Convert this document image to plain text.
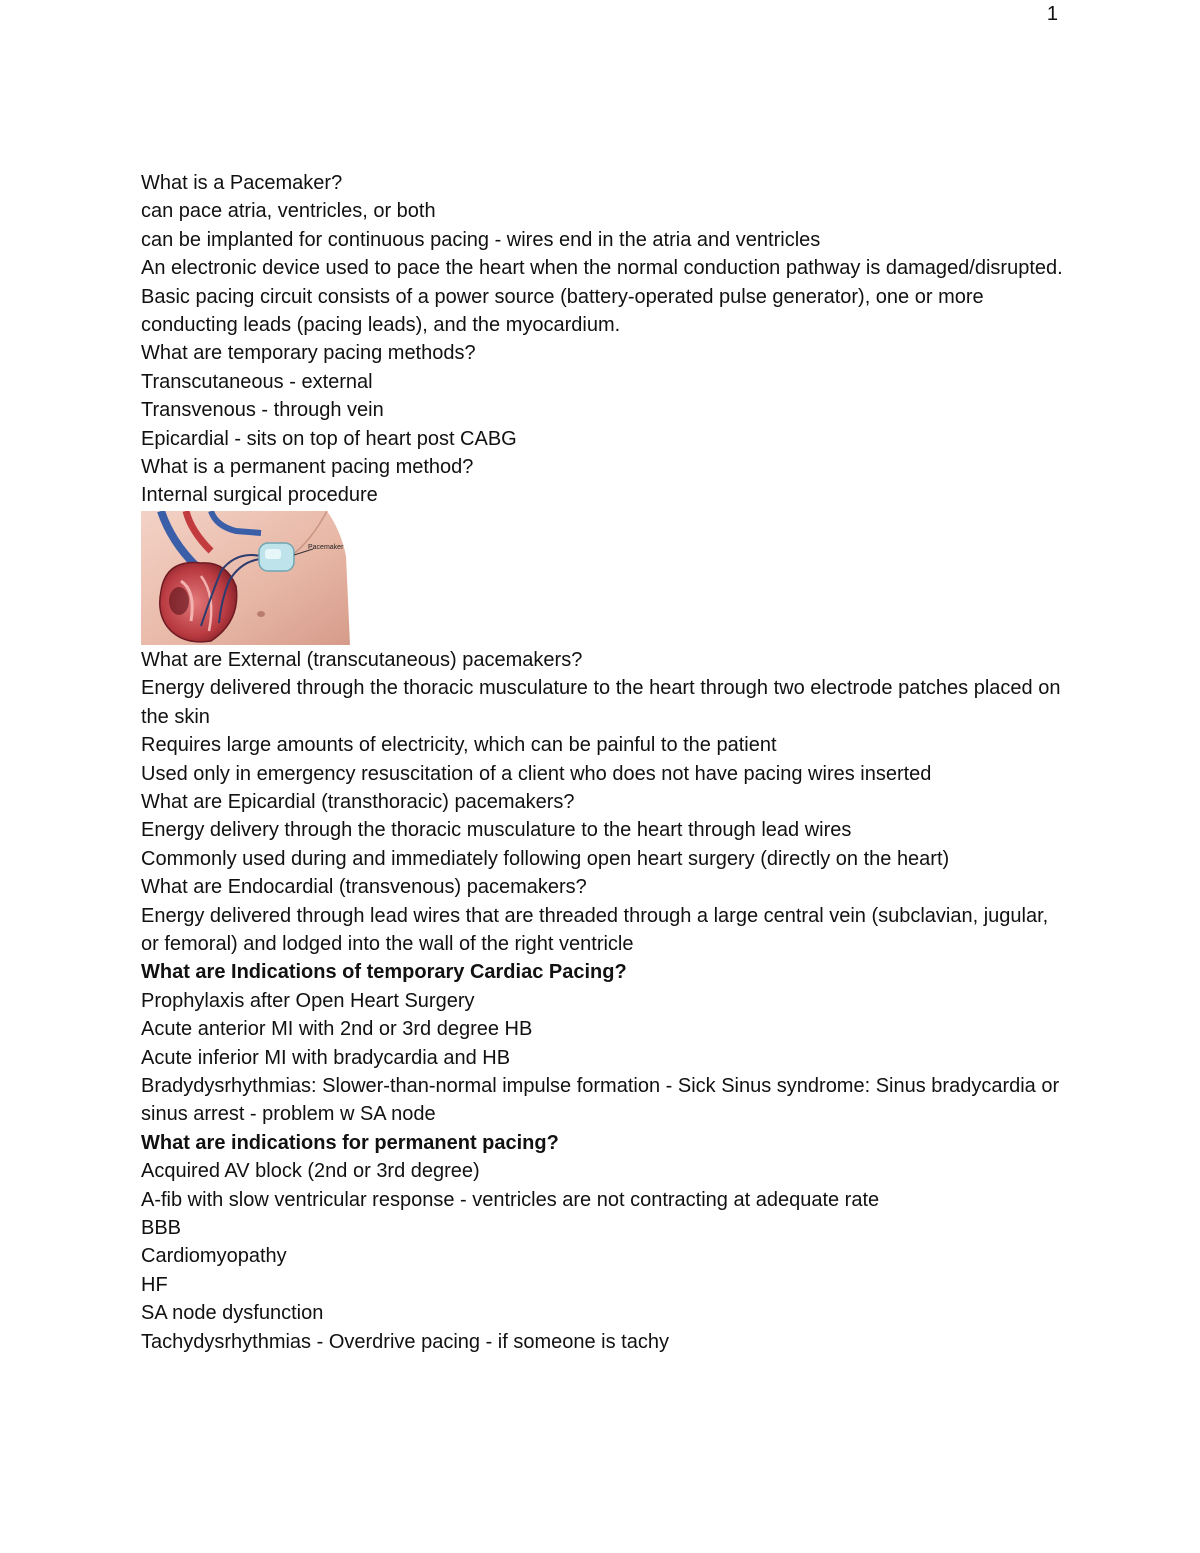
1

What is a Pacemaker?

can pace atria, ventricles, or both

can be implanted for continuous pacing - wires end in the atria and ventricles

An electronic device used to pace the heart when the normal conduction pathway is damaged/disrupted.

Basic pacing circuit consists of a power source (battery-operated pulse generator), one or more conducting leads (pacing leads), and the myocardium.

What are temporary pacing methods?

Transcutaneous - external

Transvenous - through vein

Epicardial - sits on top of heart post CABG

What is a permanent pacing method?

Internal surgical procedure

Pacemaker

What are External (transcutaneous) pacemakers?

Energy delivered through the thoracic musculature to the heart through two electrode patches placed on the skin

Requires large amounts of electricity, which can be painful to the patient

Used only in emergency resuscitation of a client who does not have pacing wires inserted

What are Epicardial (transthoracic) pacemakers?

Energy delivery through the thoracic musculature to the heart through lead wires

Commonly used during and immediately following open heart surgery (directly on the heart)

What are Endocardial (transvenous) pacemakers?

Energy delivered through lead wires that are threaded through a large central vein (subclavian, jugular, or femoral) and lodged into the wall of the right ventricle

What are Indications of temporary Cardiac Pacing?

Prophylaxis after Open Heart Surgery

Acute anterior MI with 2nd or 3rd degree HB

Acute inferior MI with bradycardia and HB

Bradydysrhythmias: Slower-than-normal impulse formation - Sick Sinus syndrome: Sinus bradycardia or sinus arrest - problem w SA node

What are indications for permanent pacing?

Acquired AV block (2nd or 3rd degree)

A-fib with slow ventricular response - ventricles are not contracting at adequate rate

BBB

Cardiomyopathy

HF

SA node dysfunction

Tachydysrhythmias - Overdrive pacing - if someone is tachy
